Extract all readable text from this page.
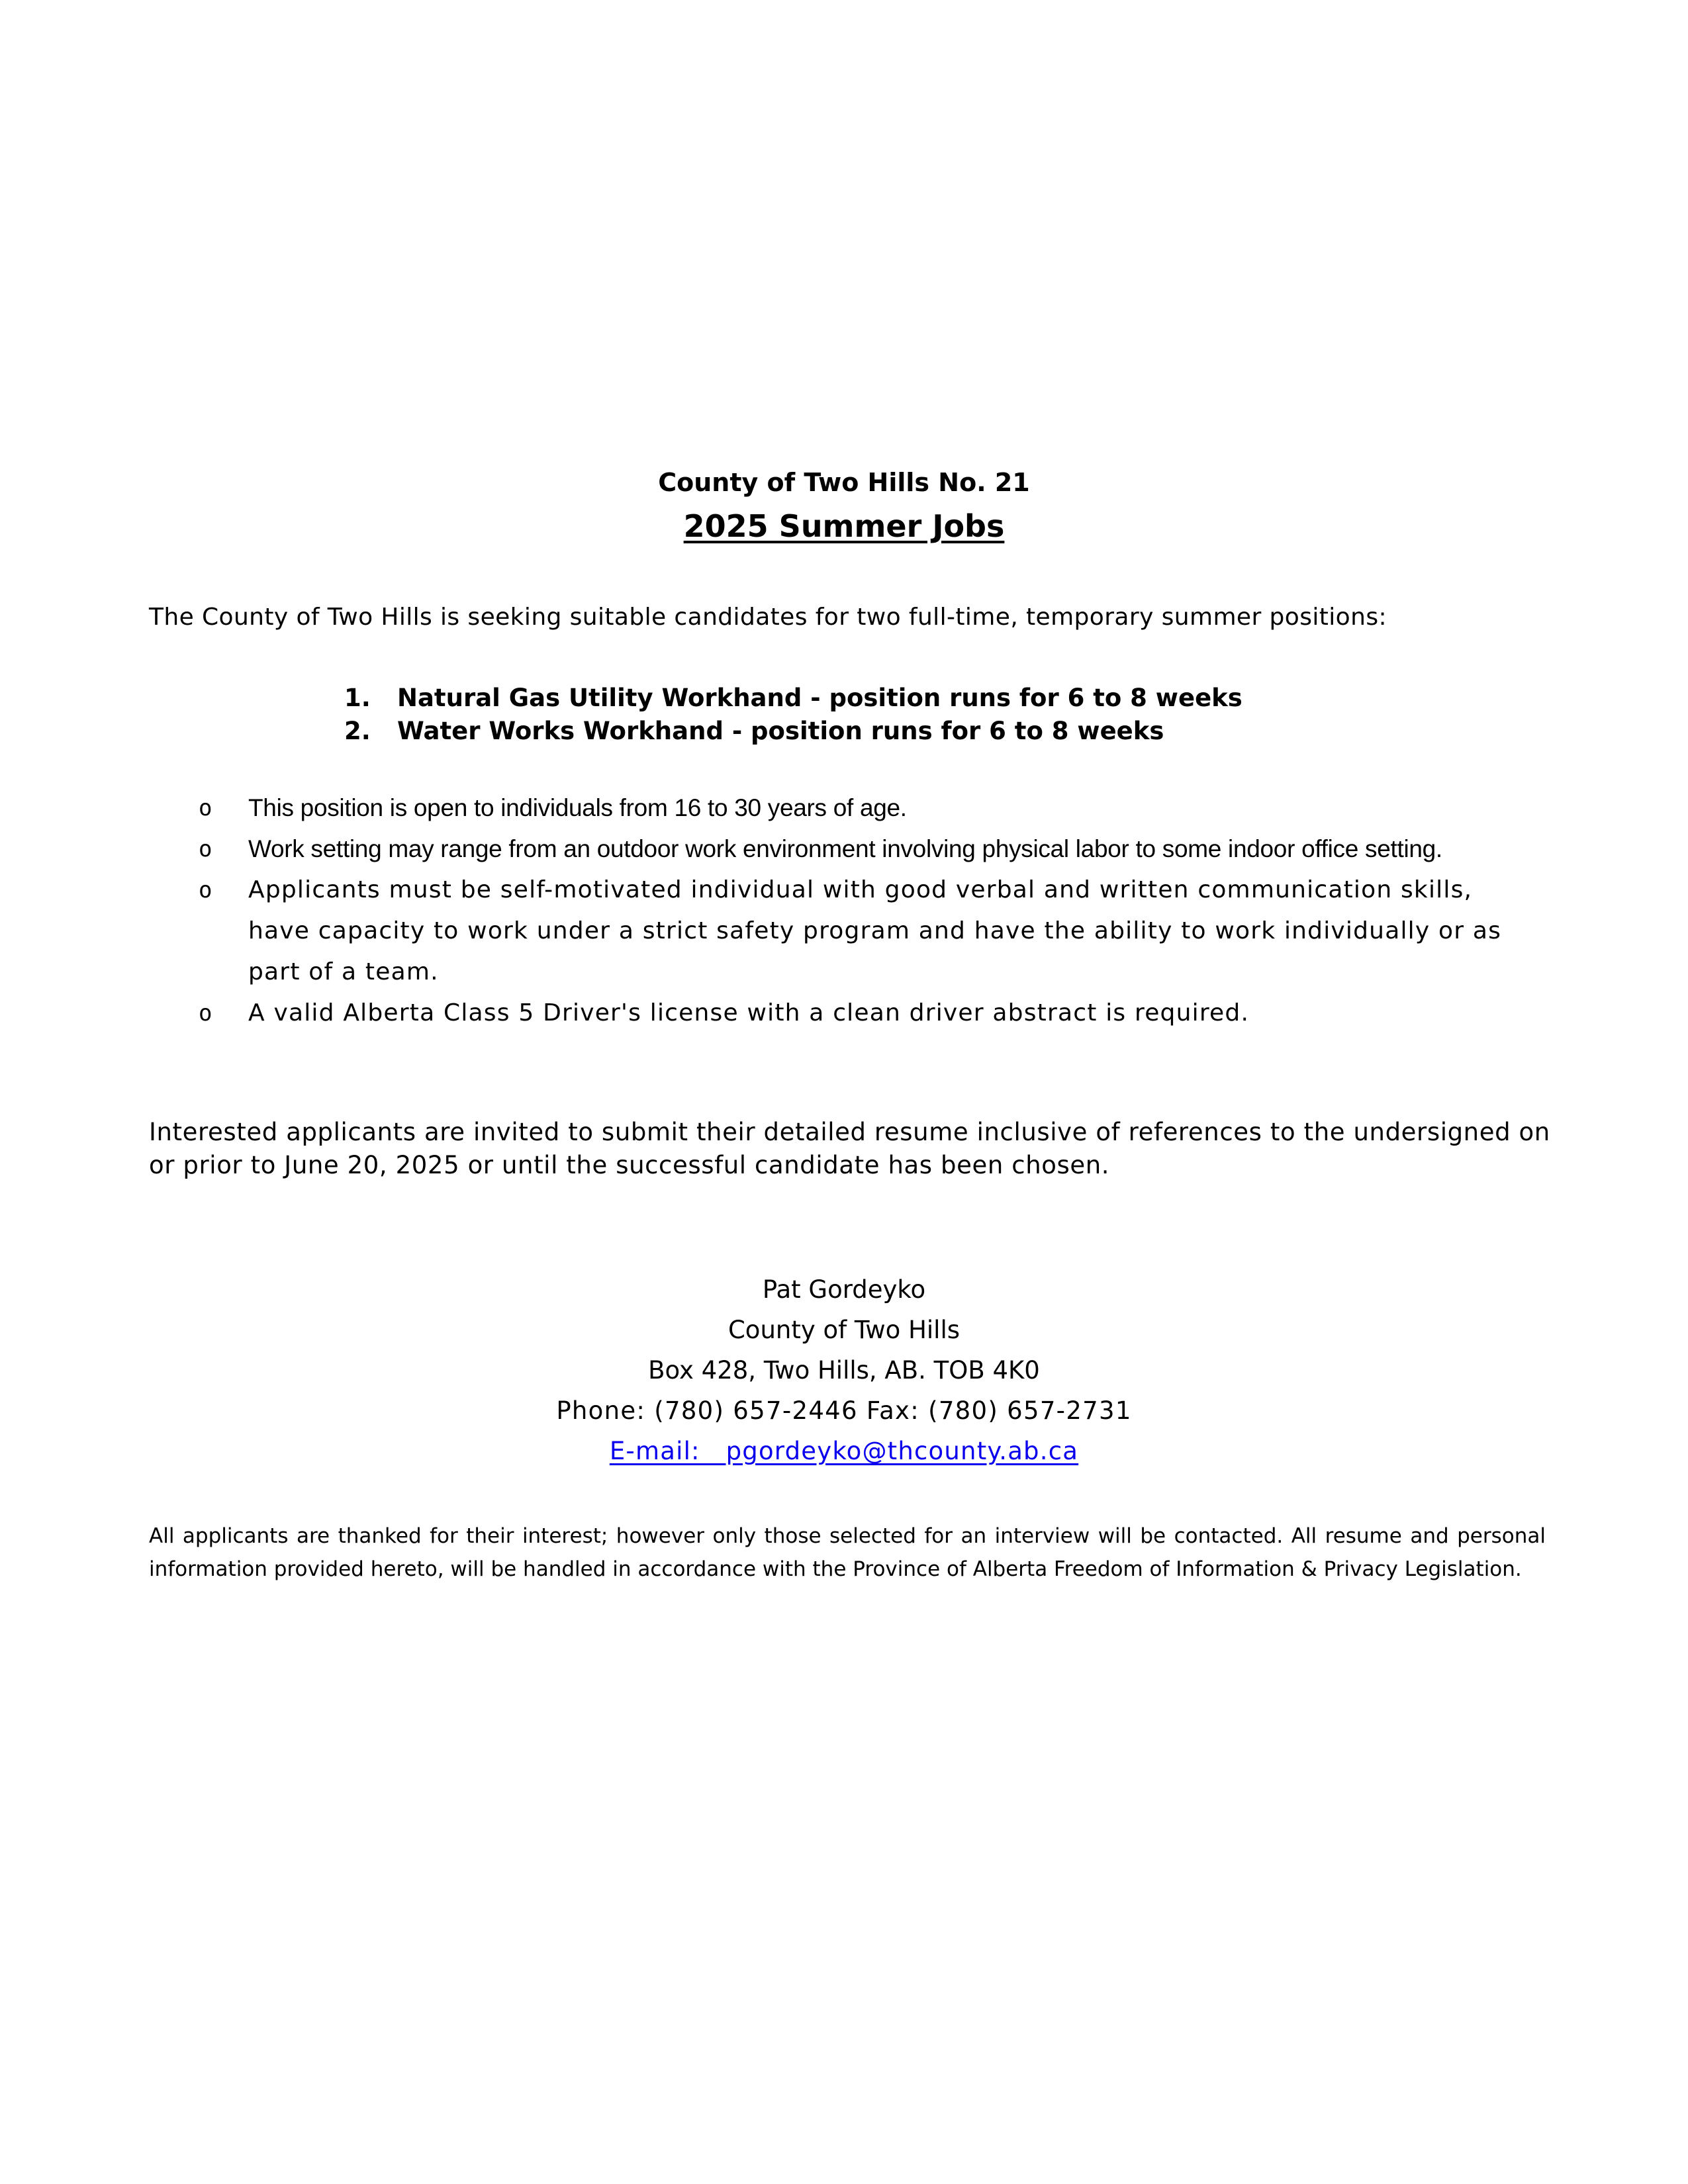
County of Two Hills No. 21
2025 Summer Jobs
The County of Two Hills is seeking suitable candidates for two full-time, temporary summer positions:
1. Natural Gas Utility Workhand - position runs for 6 to 8 weeks
2. Water Works Workhand - position runs for 6 to 8 weeks
o This position is open to individuals from 16 to 30 years of age.
o Work setting may range from an outdoor work environment involving physical labor to some indoor office setting.
o Applicants must be self-motivated individual with good verbal and written communication skills, have capacity to work under a strict safety program and have the ability to work individually or as part of a team.
o A valid Alberta Class 5 Driver's license with a clean driver abstract is required.
Interested applicants are invited to submit their detailed resume inclusive of references to the undersigned on or prior to June 20, 2025 or until the successful candidate has been chosen.
Pat Gordeyko
County of Two Hills
Box 428, Two Hills, AB. TOB 4K0
Phone: (780) 657-2446 Fax: (780) 657-2731
E-mail:   pgordeyko@thcounty.ab.ca
All applicants are thanked for their interest; however only those selected for an interview will be contacted. All resume and personal information provided hereto, will be handled in accordance with the Province of Alberta Freedom of Information & Privacy Legislation.
